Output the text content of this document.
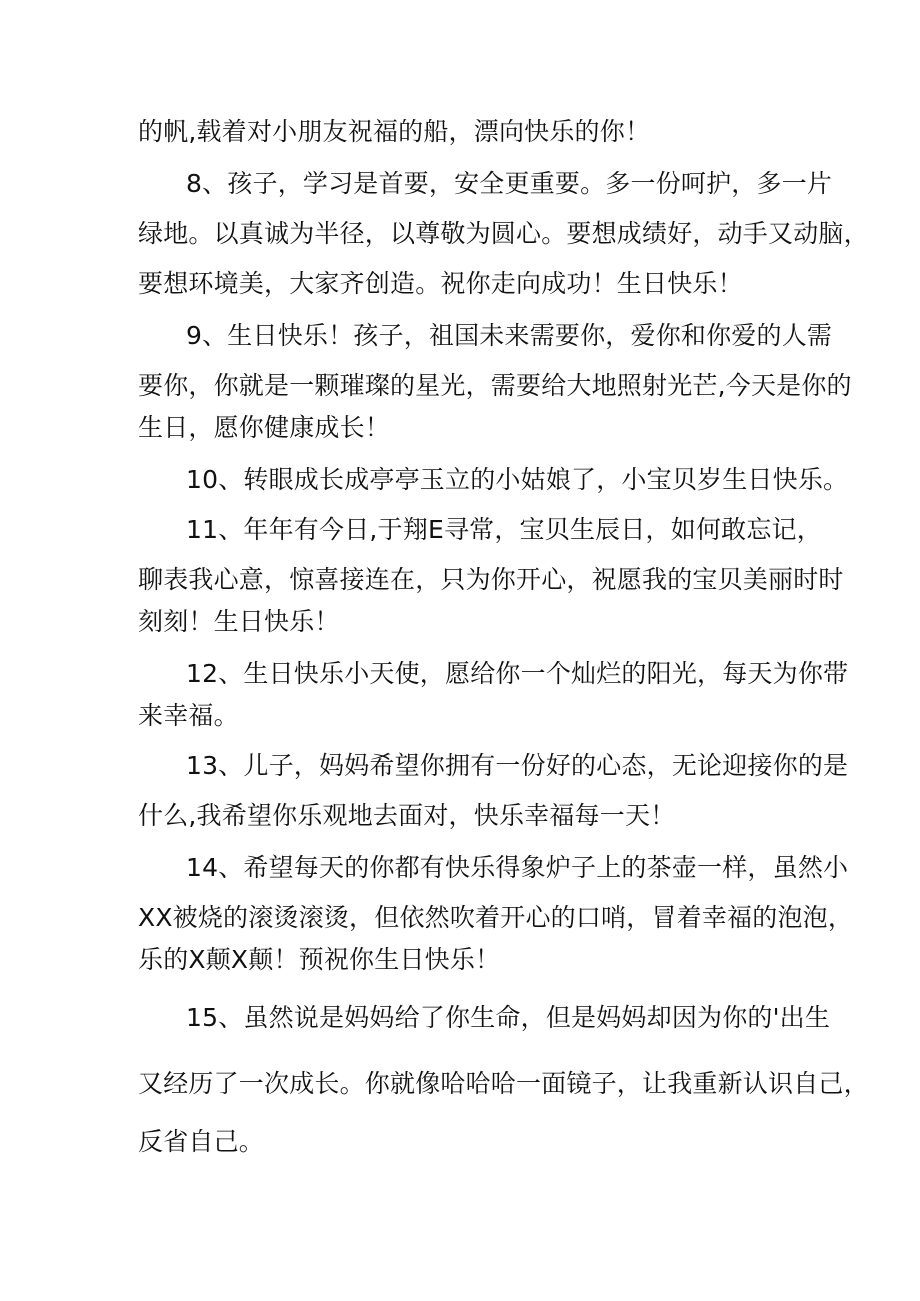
的帆,载着对小朋友祝福的船，漂向快乐的你！
8、孩子，学习是首要，安全更重要。多一份呵护，多一片
绿地。以真诚为半径，以尊敬为圆心。要想成绩好，动手又动脑，
要想环境美，大家齐创造。祝你走向成功！生日快乐！
9、生日快乐！孩子，祖国未来需要你，爱你和你爱的人需
要你，你就是一颗璀璨的星光，需要给大地照射光芒,今天是你的
生日，愿你健康成长！
10、转眼成长成亭亭玉立的小姑娘了，小宝贝岁生日快乐。
11、年年有今日,于翔E寻常，宝贝生辰日，如何敢忘记，
聊表我心意，惊喜接连在，只为你开心，祝愿我的宝贝美丽时时
刻刻！生日快乐！
12、生日快乐小天使，愿给你一个灿烂的阳光，每天为你带
来幸福。
13、儿子，妈妈希望你拥有一份好的心态，无论迎接你的是
什么,我希望你乐观地去面对，快乐幸福每一天！
14、希望每天的你都有快乐得象炉子上的茶壶一样，虽然小
XX被烧的滚烫滚烫，但依然吹着开心的口哨，冒着幸福的泡泡，
乐的X颠X颠！预祝你生日快乐！
15、虽然说是妈妈给了你生命，但是妈妈却因为你的'出生
又经历了一次成长。你就像哈哈哈一面镜子，让我重新认识自己，
反省自己。
